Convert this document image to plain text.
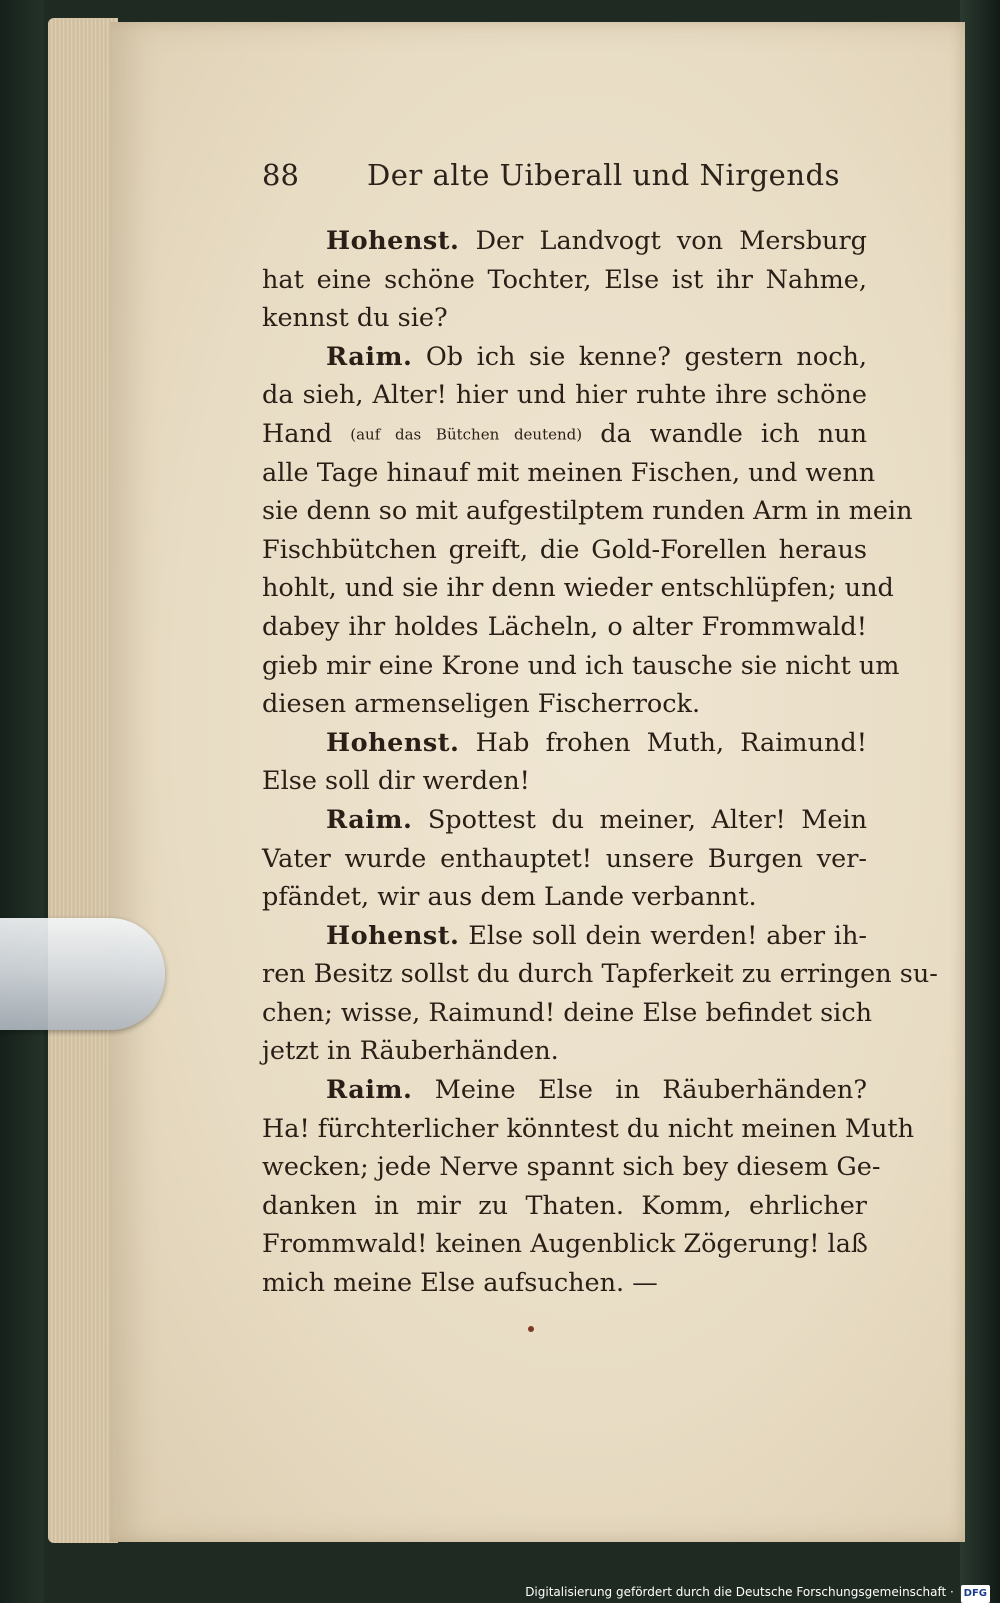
88 Der alte Uiberall und Nirgends
Hohenst. Der Landvogt von Mersburg
hat eine schöne Tochter, Else ist ihr Nahme,
kennst du sie?
Raim. Ob ich sie kenne? gestern noch,
da sieh, Alter! hier und hier ruhte ihre schöne
Hand (auf das Bütchen deutend) da wandle ich nun
alle Tage hinauf mit meinen Fischen, und wenn
sie denn so mit aufgestilptem runden Arm in mein
Fischbütchen greift, die Gold-Forellen heraus
hohlt, und sie ihr denn wieder entschlüpfen; und
dabey ihr holdes Lächeln, o alter Frommwald!
gieb mir eine Krone und ich tausche sie nicht um
diesen armenseligen Fischerrock.
Hohenst. Hab frohen Muth, Raimund!
Else soll dir werden!
Raim. Spottest du meiner, Alter! Mein
Vater wurde enthauptet! unsere Burgen ver-
pfändet, wir aus dem Lande verbannt.
Hohenst. Else soll dein werden! aber ih-
ren Besitz sollst du durch Tapferkeit zu erringen su-
chen; wisse, Raimund! deine Else befindet sich
jetzt in Räuberhänden.
Raim. Meine Else in Räuberhänden?
Ha! fürchterlicher könntest du nicht meinen Muth
wecken; jede Nerve spannt sich bey diesem Ge-
danken in mir zu Thaten. Komm, ehrlicher
Frommwald! keinen Augenblick Zögerung! laß
mich meine Else aufsuchen. —
Digitalisierung gefördert durch die Deutsche Forschungsgemeinschaft · DFG
